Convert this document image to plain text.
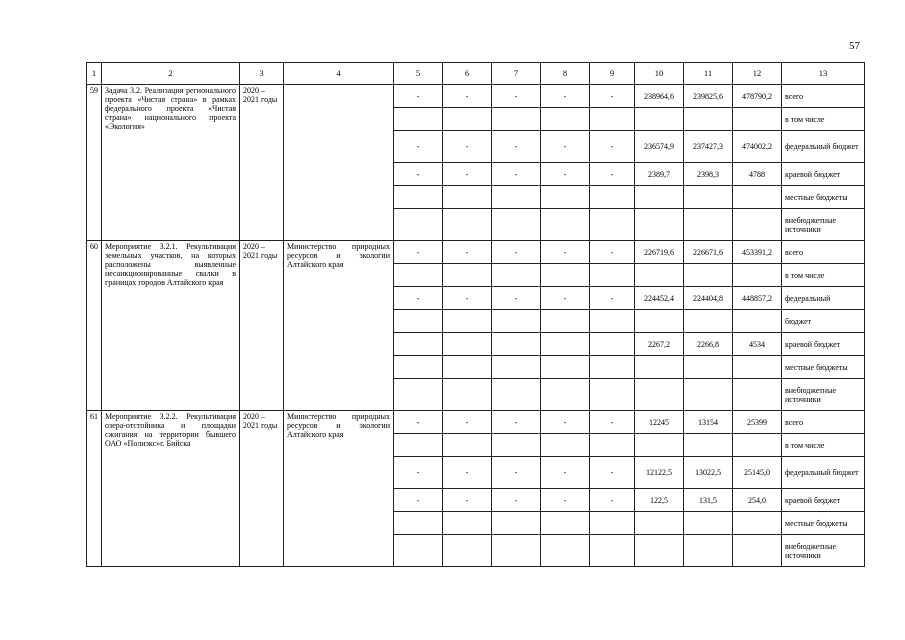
57
1	2	3	4	5	6	7	8	9	10	11	12	13
59	Задача 3.2. Реализация регионального проекта «Чистая страна» в рамках федерального проекта «Чистая страна» национального проекта «Экология»	2020 – 2021 годы		-	-	-	-	-	238964,6	239825,6	478790,2	всего
												в том числе
				-	-	-	-	-	236574,9	237427,3	474002,2	федеральный бюджет
				-	-	-	-	-	2389,7	2398,3	4788	краевой бюджет
												местные бюджеты
												внебюджетные источники
60	Мероприятие 3.2.1. Рекультивация земельных участков, на которых расположены выявленные несанкционированные свалки в границах городов Алтайского края	2020 – 2021 годы	Министерство природных ресурсов и экологии Алтайского края	-	-	-	-	-	226719,6	226671,6	453391,2	всего
												в том числе
				-	-	-	-	-	224452,4	224404,8	448857,2	федеральный
												бюджет
									2267,2	2266,8	4534	краевой бюджет
												местные бюджеты
												внебюджетные источники
61	Мероприятие 3.2.2. Рекультивация озера-отстойника и площадки сжигания на территории бывшего ОАО «Полиэкс»г. Бийска	2020 – 2021 годы	Министерство природных ресурсов и экологии Алтайского края	-	-	-	-	-	12245	13154	25399	всего
												в том числе
				-	-	-	-	-	12122,5	13022,5	25145,0	федеральный бюджет
				-	-	-	-	-	122,5	131,5	254,0	краевой бюджет
												местные бюджеты
												внебюджетные источники
